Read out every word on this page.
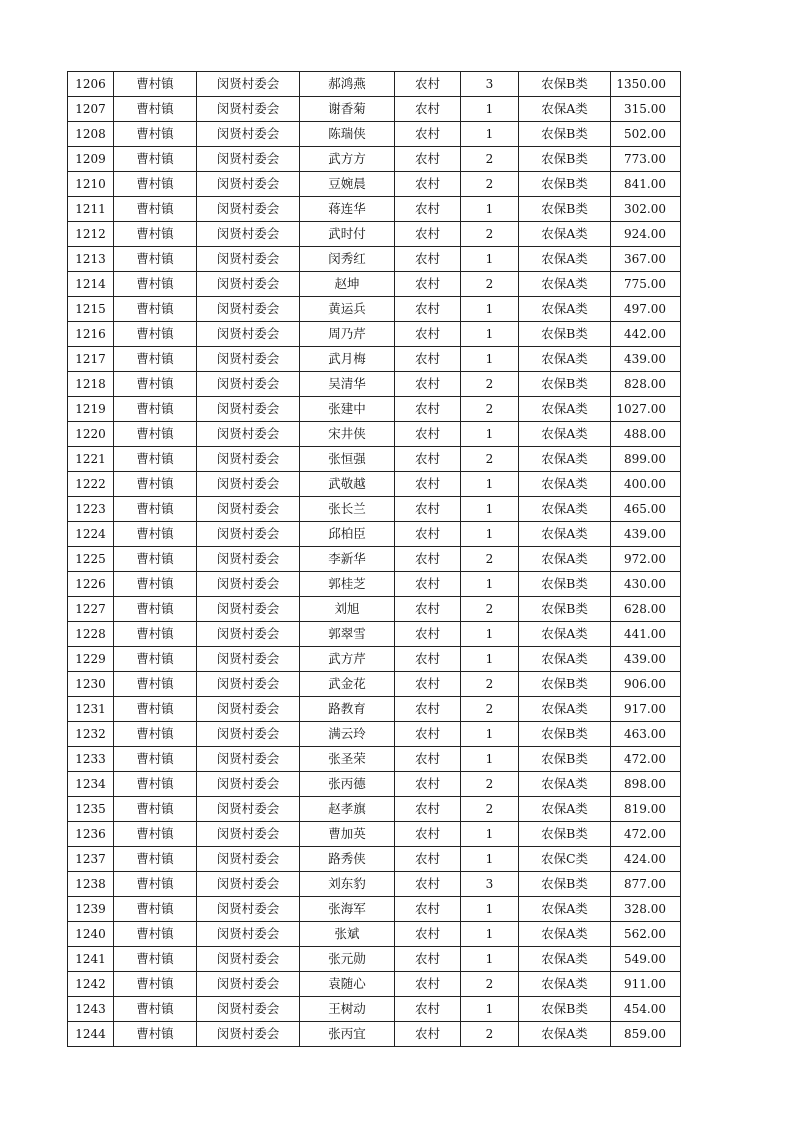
1206	曹村镇	闵贤村委会	郝鸿燕	农村	3	农保B类	1350.00
1207	曹村镇	闵贤村委会	谢香菊	农村	1	农保A类	315.00
1208	曹村镇	闵贤村委会	陈瑞侠	农村	1	农保B类	502.00
1209	曹村镇	闵贤村委会	武方方	农村	2	农保B类	773.00
1210	曹村镇	闵贤村委会	豆婉晨	农村	2	农保B类	841.00
1211	曹村镇	闵贤村委会	蒋连华	农村	1	农保B类	302.00
1212	曹村镇	闵贤村委会	武时付	农村	2	农保A类	924.00
1213	曹村镇	闵贤村委会	闵秀红	农村	1	农保A类	367.00
1214	曹村镇	闵贤村委会	赵坤	农村	2	农保A类	775.00
1215	曹村镇	闵贤村委会	黄运兵	农村	1	农保A类	497.00
1216	曹村镇	闵贤村委会	周乃芹	农村	1	农保B类	442.00
1217	曹村镇	闵贤村委会	武月梅	农村	1	农保A类	439.00
1218	曹村镇	闵贤村委会	吴清华	农村	2	农保B类	828.00
1219	曹村镇	闵贤村委会	张建中	农村	2	农保A类	1027.00
1220	曹村镇	闵贤村委会	宋井侠	农村	1	农保A类	488.00
1221	曹村镇	闵贤村委会	张恒强	农村	2	农保A类	899.00
1222	曹村镇	闵贤村委会	武敬越	农村	1	农保A类	400.00
1223	曹村镇	闵贤村委会	张长兰	农村	1	农保A类	465.00
1224	曹村镇	闵贤村委会	邱柏臣	农村	1	农保A类	439.00
1225	曹村镇	闵贤村委会	李新华	农村	2	农保A类	972.00
1226	曹村镇	闵贤村委会	郭桂芝	农村	1	农保B类	430.00
1227	曹村镇	闵贤村委会	刘旭	农村	2	农保B类	628.00
1228	曹村镇	闵贤村委会	郭翠雪	农村	1	农保A类	441.00
1229	曹村镇	闵贤村委会	武方芹	农村	1	农保A类	439.00
1230	曹村镇	闵贤村委会	武金花	农村	2	农保B类	906.00
1231	曹村镇	闵贤村委会	路教育	农村	2	农保A类	917.00
1232	曹村镇	闵贤村委会	满云玲	农村	1	农保B类	463.00
1233	曹村镇	闵贤村委会	张圣荣	农村	1	农保B类	472.00
1234	曹村镇	闵贤村委会	张丙德	农村	2	农保A类	898.00
1235	曹村镇	闵贤村委会	赵孝旗	农村	2	农保A类	819.00
1236	曹村镇	闵贤村委会	曹加英	农村	1	农保B类	472.00
1237	曹村镇	闵贤村委会	路秀侠	农村	1	农保C类	424.00
1238	曹村镇	闵贤村委会	刘东豹	农村	3	农保B类	877.00
1239	曹村镇	闵贤村委会	张海军	农村	1	农保A类	328.00
1240	曹村镇	闵贤村委会	张斌	农村	1	农保A类	562.00
1241	曹村镇	闵贤村委会	张元勋	农村	1	农保A类	549.00
1242	曹村镇	闵贤村委会	袁随心	农村	2	农保A类	911.00
1243	曹村镇	闵贤村委会	王树动	农村	1	农保B类	454.00
1244	曹村镇	闵贤村委会	张丙宜	农村	2	农保A类	859.00
